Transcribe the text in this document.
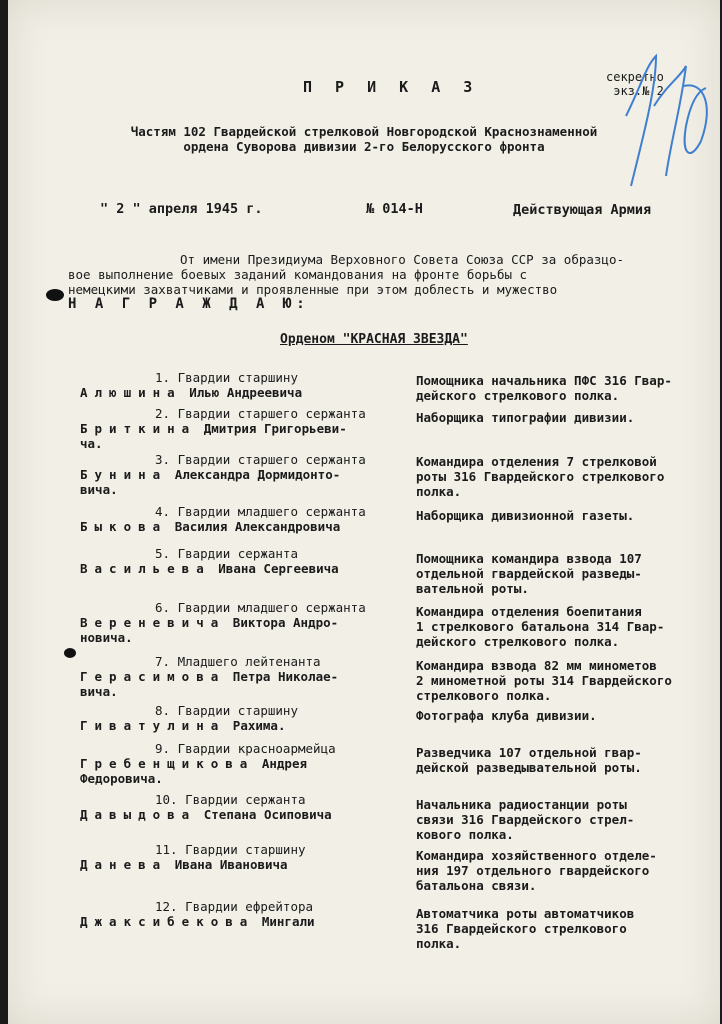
П Р И К А З
секретно
экз.№ 2
Частям 102 Гвардейской стрелковой Новгородской Краснознаменной
ордена Суворова дивизии 2-го Белорусского фронта
" 2 " апреля 1945 г.	№ 014-Н	Действующая Армия

От имени Президиума Верховного Совета Союза ССР за образцо-

вое выполнение боевых заданий командования на фронте борьбы с

немецкими захватчиками и проявленные при этом доблесть и мужество

Н А Г Р А Ж Д А Ю:

Орденом "КРАСНАЯ ЗВЕЗДА"
1. Гвардии старшину
Алюшина Илью Андреевича
Помощника начальника ПФС 316 Гвар-
дейского стрелкового полка.
2. Гвардии старшего сержанта
Бриткина Дмитрия Григорьеви-
ча.
Наборщика типографии дивизии.
3. Гвардии старшего сержанта
Бунина Александра Дормидонто-
вича.
Командира отделения 7 стрелковой
роты 316 Гвардейского стрелкового
полка.
4. Гвардии младшего сержанта
Быкова Василия Александровича
Наборщика дивизионной газеты.
5. Гвардии сержанта
Васильева Ивана Сергеевича
Помощника командира взвода 107
отдельной гвардейской разведы-
вательной роты.
6. Гвардии младшего сержанта
Вереневича Виктора Андро-
новича.
Командира отделения боепитания
1 стрелкового батальона 314 Гвар-
дейского стрелкового полка.
7. Младшего лейтенанта
Герасимова Петра Николае-
вича.
Командира взвода 82 мм минометов
2 минометной роты 314 Гвардейского
стрелкового полка.
8. Гвардии старшину
Гиватулина Рахима.
Фотографа клуба дивизии.
9. Гвардии красноармейца
Гребенщикова Андрея
Федоровича.
Разведчика 107 отдельной гвар-
дейской разведывательной роты.
10. Гвардии сержанта
Давыдова Степана Осиповича
Начальника радиостанции роты
связи 316 Гвардейского стрел-
кового полка.
11. Гвардии старшину
Данева Ивана Ивановича
Командира хозяйственного отделе-
ния 197 отдельного гвардейского
батальона связи.
12. Гвардии ефрейтора
Джаксибекова Мингали
Автоматчика роты автоматчиков
316 Гвардейского стрелкового
полка.
